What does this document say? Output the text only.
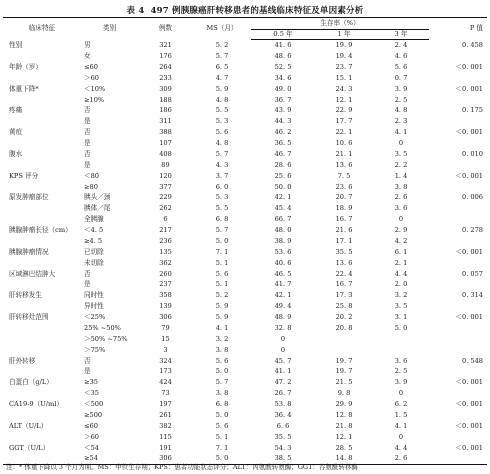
表 4 497 例胰腺癌肝转移患者的基线临床特征及单因素分析
临床特征	类别	例数	MS（月）	生存率（%）			P 值
				0.5 年	1 年	3 年	
性别	男	321	5. 2	41. 6	19. 9	2. 4	0. 458
	女	176	5. 7	48. 6	19. 4	4. 6	
年龄（岁）	≤60	264	6. 5	52. 5	23. 7	5. 6	＜0. 001
	＞60	233	4. 7	34. 6	15. 1	0. 7	
体重下降*	＜10%	309	5. 9	49. 0	24. 3	3. 9	＜0. 001
	≥10%	188	4. 8	36. 7	12. 1	2. 5	
疼痛	否	186	5. 5	43. 9	22. 9	4. 8	0. 175
	是	311	5. 3	44. 3	17. 7	2. 3	
黄疸	否	388	5. 6	46. 2	22. 1	4. 1	＜0. 001
	是	107	4. 8	36. 5	10. 6	0	
腹水	否	408	5. 7	46. 7	21. 1	3. 5	0. 010
	是	89	4. 3	28. 6	13. 6	2. 2	
KPS 评分	＜80	120	3. 7	25. 6	7. 5	1. 4	＜0. 001
	≥80	377	6. 0	50. 0	23. 6	3. 8	
原发肿瘤部位	胰头／颈	229	5. 3	42. 1	20. 7	2. 6	0. 006
	胰体／尾	262	5. 5	45. 4	18. 9	3. 6	
	全胰腺	6	6. 8	66. 7	16. 7	0	
胰腺肿瘤长径（cm）	＜4. 5	217	5. 7	48. 0	21. 6	2. 9	0. 278
	≥4. 5	236	5. 0	38. 9	17. 1	4. 2	
胰腺肿瘤情况	已切除	135	7. 1	53. 6	35. 5	6. 1	＜0. 001
	未切除	362	5. 1	40. 6	13. 6	2. 1	
区域淋巴结肿大	否	260	5. 6	46. 5	22. 4	4. 4	0. 057
	是	237	5. 1	41. 7	16. 7	2. 0	
肝转移发生	同时性	358	5. 2	42. 1	17. 3	3. 2	0. 314
	异时性	139	5. 9	49. 4	25. 8	3. 5	
肝转移灶范围	＜25%	306	5. 9	48. 9	20. 2	3. 1	＜0. 001
	25% ~50%	79	4. 1	32. 8	20. 8	5. 0	
	＞50% ~75%	15	3. 2	0			
	＞75%	3	3. 8	0			
肝外转移	否	324	5. 6	45. 7	19. 7	3. 6	0. 548
	是	173	5. 0	41. 1	19. 7	2. 5	
白蛋白（g/L）	≥35	424	5. 7	47. 2	21. 5	3. 9	＜0. 001
	＜35	73	3. 8	26. 7	9. 8	0	
CA19-9（U/ml）	＜500	197	6. 8	53. 8	29. 9	6. 2	＜0. 001
	≥500	261	5. 0	36. 4	12. 8	1. 5	
ALT（U/L）	≤60	382	5. 6	6. 6	21. 8	4. 1	＜0. 001
	＞60	115	5. 1	35. 5	12. 1	0	
GGT（U/L）	＜54	191	7. 1	54. 3	28. 5	4. 4	＜0. 001
	≥54	306	5. 0	38. 5	14. 8	2. 6	
注：* 体重下降以 3 个月为期。MS：中位生存期；KPS：患者功能状态评分；ALT：丙氨酸转氨酶；GGT：谷氨酰转移酶
